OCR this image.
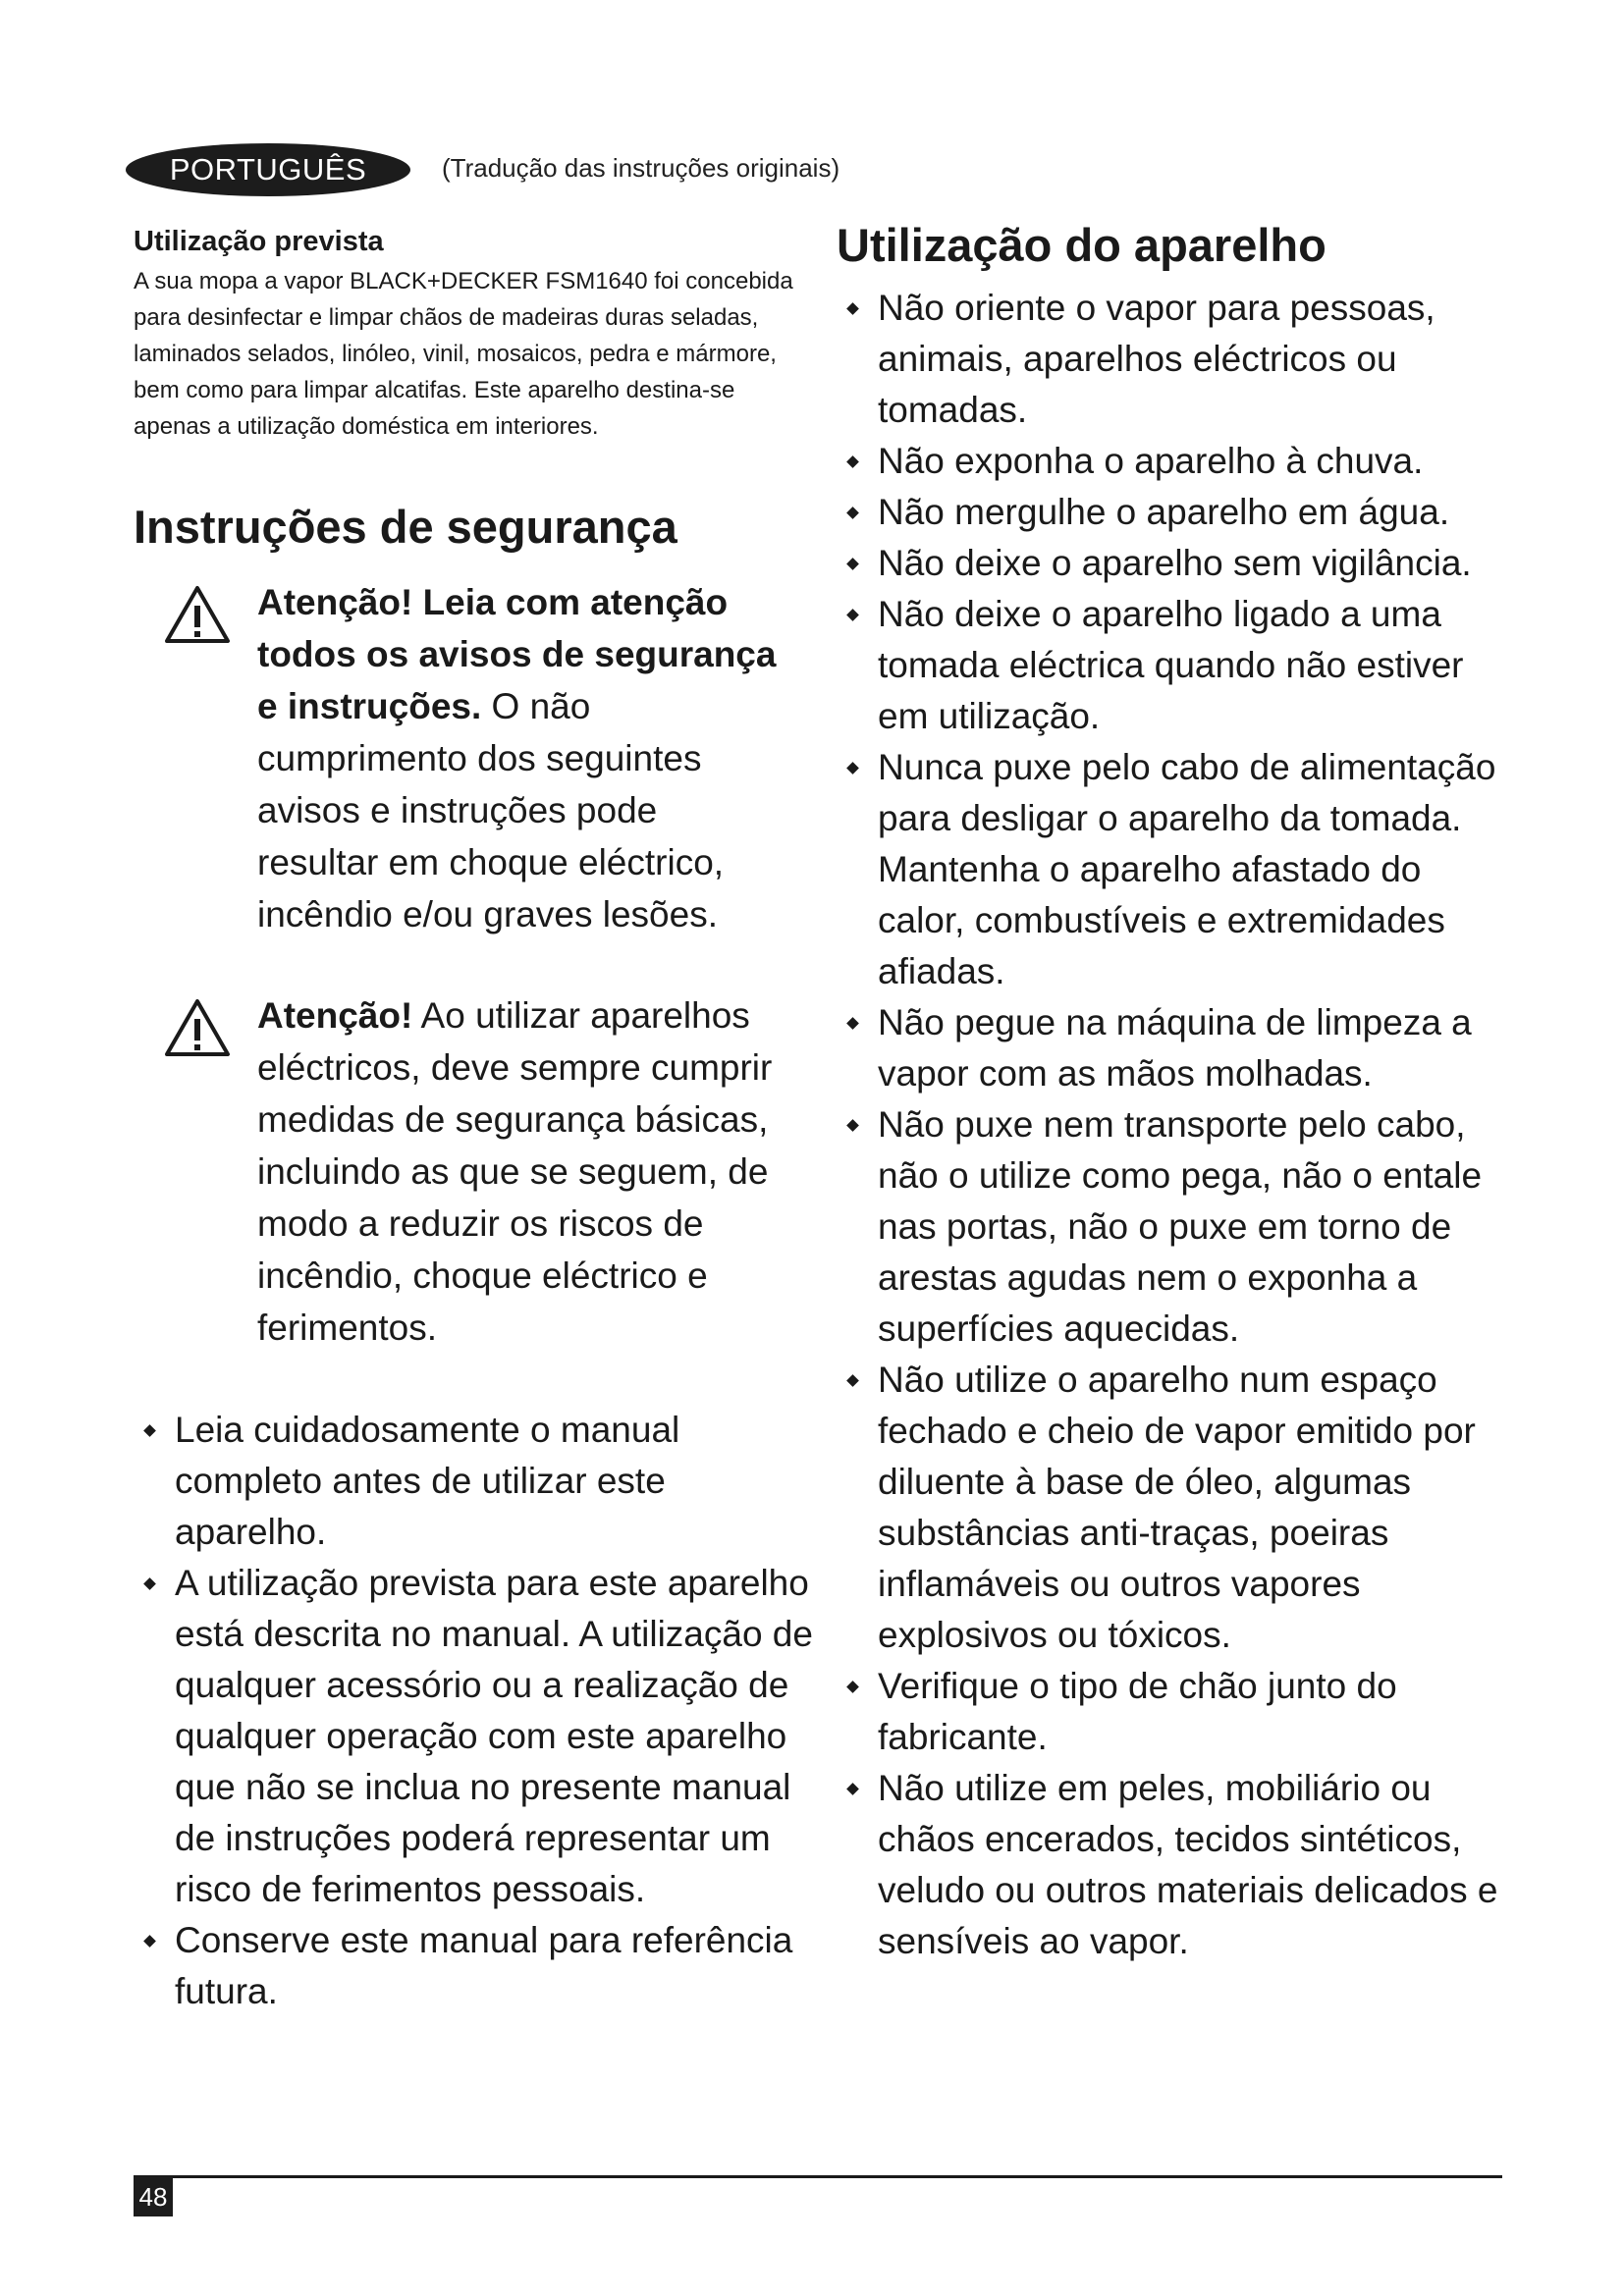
PORTUGUÊS	(Tradução das instruções originais)
Utilização prevista

A sua mopa a vapor BLACK+DECKER FSM1640 foi concebida para desinfectar e limpar chãos de madeiras duras seladas, laminados selados, linóleo, vinil, mosaicos, pedra e mármore, bem como para limpar alcatifas. Este aparelho destina-se apenas a utilização doméstica em interiores.

Instruções de segurança

Atenção! Leia com atenção todos os avisos de segurança e instruções. O não cumprimento dos seguintes avisos e instruções pode resultar em choque eléctrico, incêndio e/ou graves lesões.

Atenção! Ao utilizar aparelhos eléctricos, deve sempre cumprir medidas de segurança básicas, incluindo as que se seguem, de modo a reduzir os riscos de incêndio, choque eléctrico e ferimentos.

Leia cuidadosamente o manual completo antes de utilizar este aparelho.
A utilização prevista para este aparelho está descrita no manual. A utilização de qualquer acessório ou a realização de qualquer operação com este aparelho que não se inclua no presente manual de instruções poderá representar um risco de ferimentos pessoais.
Conserve este manual para referência futura.
Utilização do aparelho
Não oriente o vapor para pessoas, animais, aparelhos eléctricos ou tomadas.
Não exponha o aparelho à chuva.
Não mergulhe o aparelho em água.
Não deixe o aparelho sem vigilância.
Não deixe o aparelho ligado a uma tomada eléctrica quando não estiver em utilização.
Nunca puxe pelo cabo de alimentação para desligar o aparelho da tomada. Mantenha o aparelho afastado do calor, combustíveis e extremidades afiadas.
Não pegue na máquina de limpeza a vapor com as mãos molhadas.
Não puxe nem transporte pelo cabo, não o utilize como pega, não o entale nas portas, não o puxe em torno de arestas agudas nem o exponha a superfícies aquecidas.
Não utilize o aparelho num espaço fechado e cheio de vapor emitido por diluente à base de óleo, algumas substâncias anti-traças, poeiras inflamáveis ou outros vapores explosivos ou tóxicos.
Verifique o tipo de chão junto do fabricante.
Não utilize em peles, mobiliário ou chãos encerados, tecidos sintéticos, veludo ou outros materiais delicados e sensíveis ao vapor.
48
